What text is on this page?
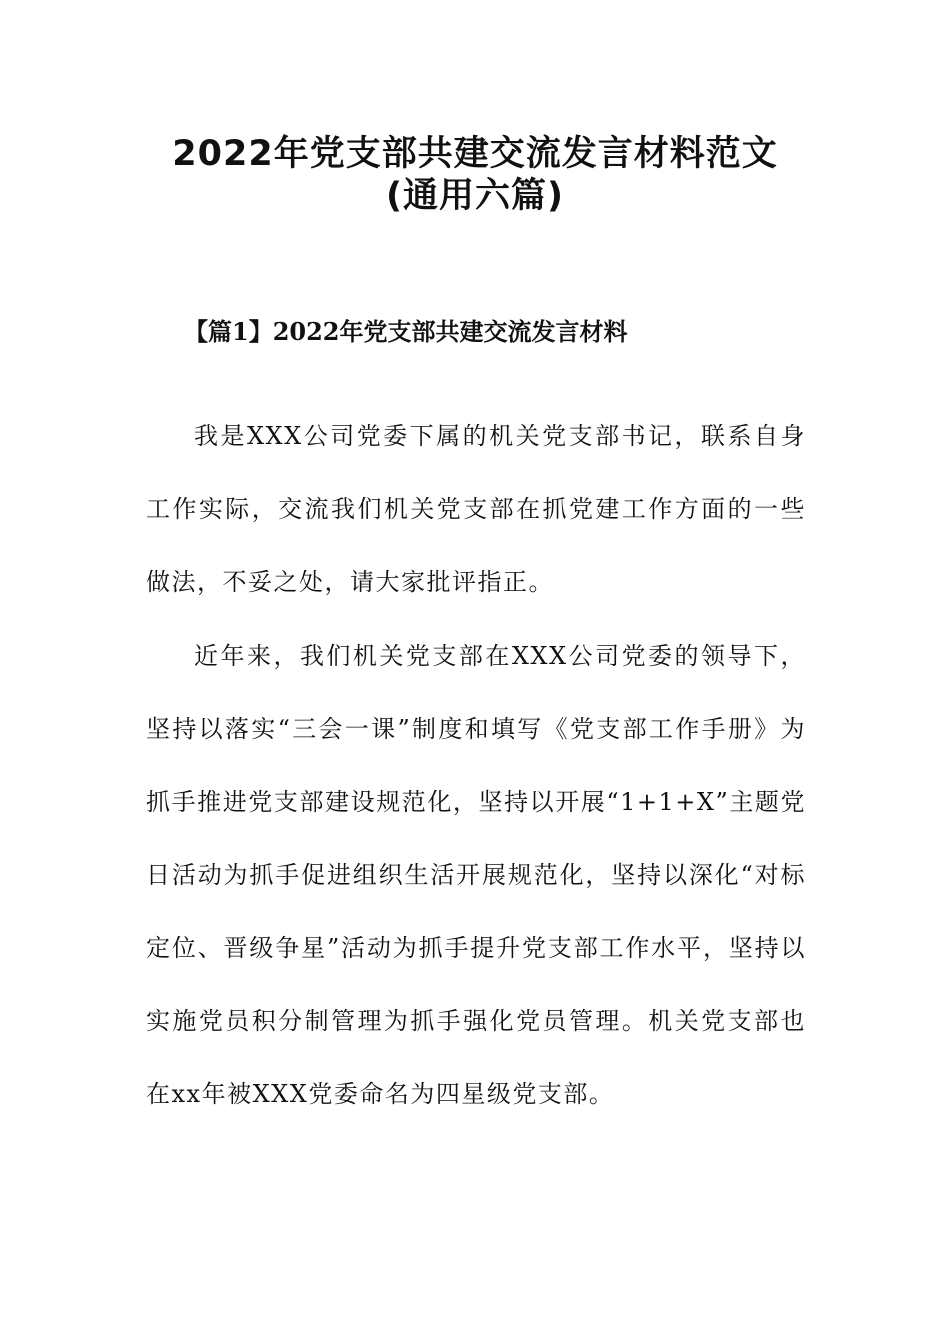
2022年党支部共建交流发言材料范文
(通用六篇)
【篇1】2022年党支部共建交流发言材料

我是XXX公司党委下属的机关党支部书记，联系自身工作实际，交流我们机关党支部在抓党建工作方面的一些做法，不妥之处，请大家批评指正。

近年来，我们机关党支部在XXX公司党委的领导下，坚持以落实“三会一课”制度和填写《党支部工作手册》为抓手推进党支部建设规范化，坚持以开展“1+1+X”主题党日活动为抓手促进组织生活开展规范化，坚持以深化“对标定位、晋级争星”活动为抓手提升党支部工作水平，坚持以实施党员积分制管理为抓手强化党员管理。机关党支部也在xx年被XXX党委命名为四星级党支部。
